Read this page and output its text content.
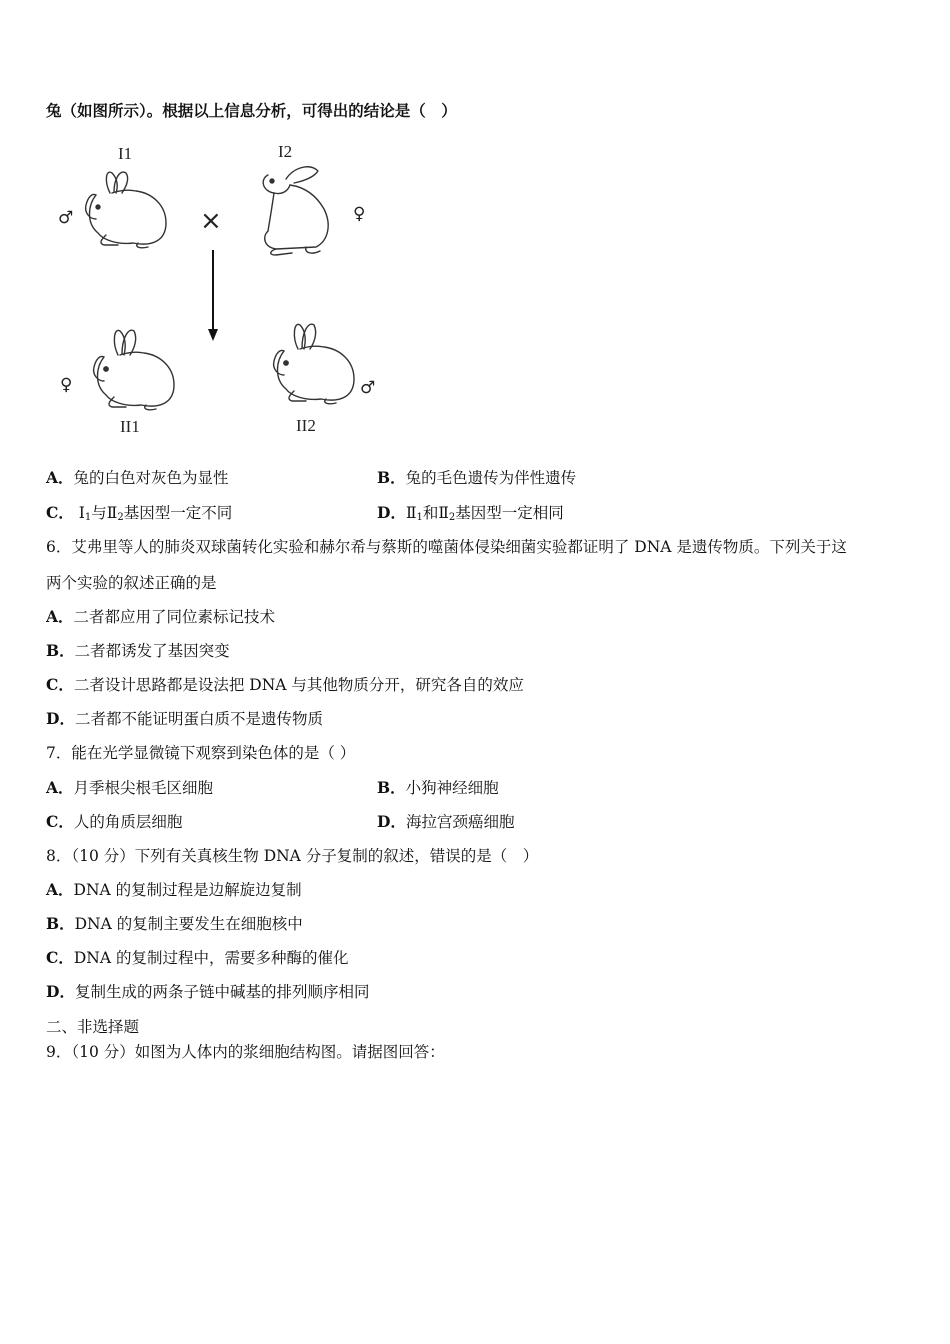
兔（如图所示）。根据以上信息分析，可得出的结论是（　）
I1	I2
II1	II2
♂	♀
♀	♂
×
A．兔的白色对灰色为显性	B．兔的毛色遗传为伴性遗传
C． $Ⅰ_1$与$Ⅱ_2$基因型一定不同	D．$Ⅱ_1$和$Ⅱ_2$基因型一定相同
6．艾弗里等人的肺炎双球菌转化实验和赫尔希与蔡斯的噬菌体侵染细菌实验都证明了 DNA 是遗传物质。下列关于这
两个实验的叙述正确的是
A．二者都应用了同位素标记技术
B．二者都诱发了基因突变
C．二者设计思路都是设法把 DNA 与其他物质分开，研究各自的效应
D．二者都不能证明蛋白质不是遗传物质
7．能在光学显微镜下观察到染色体的是（ ）
A．月季根尖根毛区细胞	B．小狗神经细胞
C．人的角质层细胞	D．海拉宫颈癌细胞
8．（10 分）下列有关真核生物 DNA 分子复制的叙述，错误的是（　）
A．DNA 的复制过程是边解旋边复制
B．DNA 的复制主要发生在细胞核中
C．DNA 的复制过程中，需要多种酶的催化
D．复制生成的两条子链中碱基的排列顺序相同
二、非选择题
9．（10 分）如图为人体内的浆细胞结构图。请据图回答：
